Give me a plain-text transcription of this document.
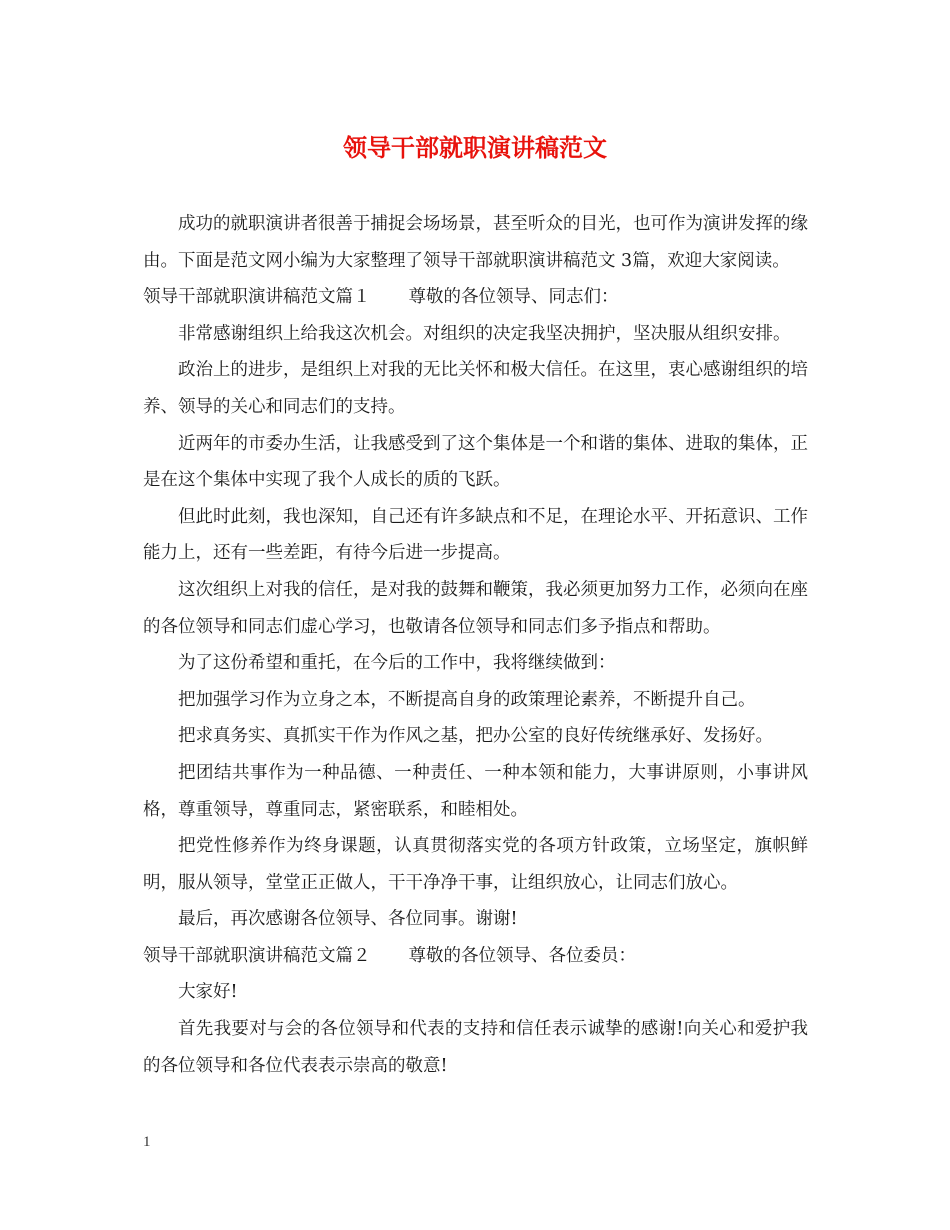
领导干部就职演讲稿范文

成功的就职演讲者很善于捕捉会场场景，甚至听众的目光，也可作为演讲发挥的缘由。下面是范文网小编为大家整理了领导干部就职演讲稿范文 3篇，欢迎大家阅读。

领导干部就职演讲稿范文篇１ 尊敬的各位领导、同志们：

非常感谢组织上给我这次机会。对组织的决定我坚决拥护，坚决服从组织安排。

政治上的进步，是组织上对我的无比关怀和极大信任。在这里，衷心感谢组织的培养、领导的关心和同志们的支持。

近两年的市委办生活，让我感受到了这个集体是一个和谐的集体、进取的集体，正是在这个集体中实现了我个人成长的质的飞跃。

但此时此刻，我也深知，自己还有许多缺点和不足，在理论水平、开拓意识、工作能力上，还有一些差距，有待今后进一步提高。

这次组织上对我的信任，是对我的鼓舞和鞭策，我必须更加努力工作，必须向在座的各位领导和同志们虚心学习，也敬请各位领导和同志们多予指点和帮助。

为了这份希望和重托，在今后的工作中，我将继续做到：

把加强学习作为立身之本，不断提高自身的政策理论素养，不断提升自己。

把求真务实、真抓实干作为作风之基，把办公室的良好传统继承好、发扬好。

把团结共事作为一种品德、一种责任、一种本领和能力，大事讲原则，小事讲风格，尊重领导，尊重同志，紧密联系，和睦相处。

把党性修养作为终身课题，认真贯彻落实党的各项方针政策，立场坚定，旗帜鲜明，服从领导，堂堂正正做人，干干净净干事，让组织放心，让同志们放心。

最后，再次感谢各位领导、各位同事。谢谢!

领导干部就职演讲稿范文篇２ 尊敬的各位领导、各位委员：

大家好!

首先我要对与会的各位领导和代表的支持和信任表示诚挚的感谢!向关心和爱护我的各位领导和各位代表表示崇高的敬意!

1
